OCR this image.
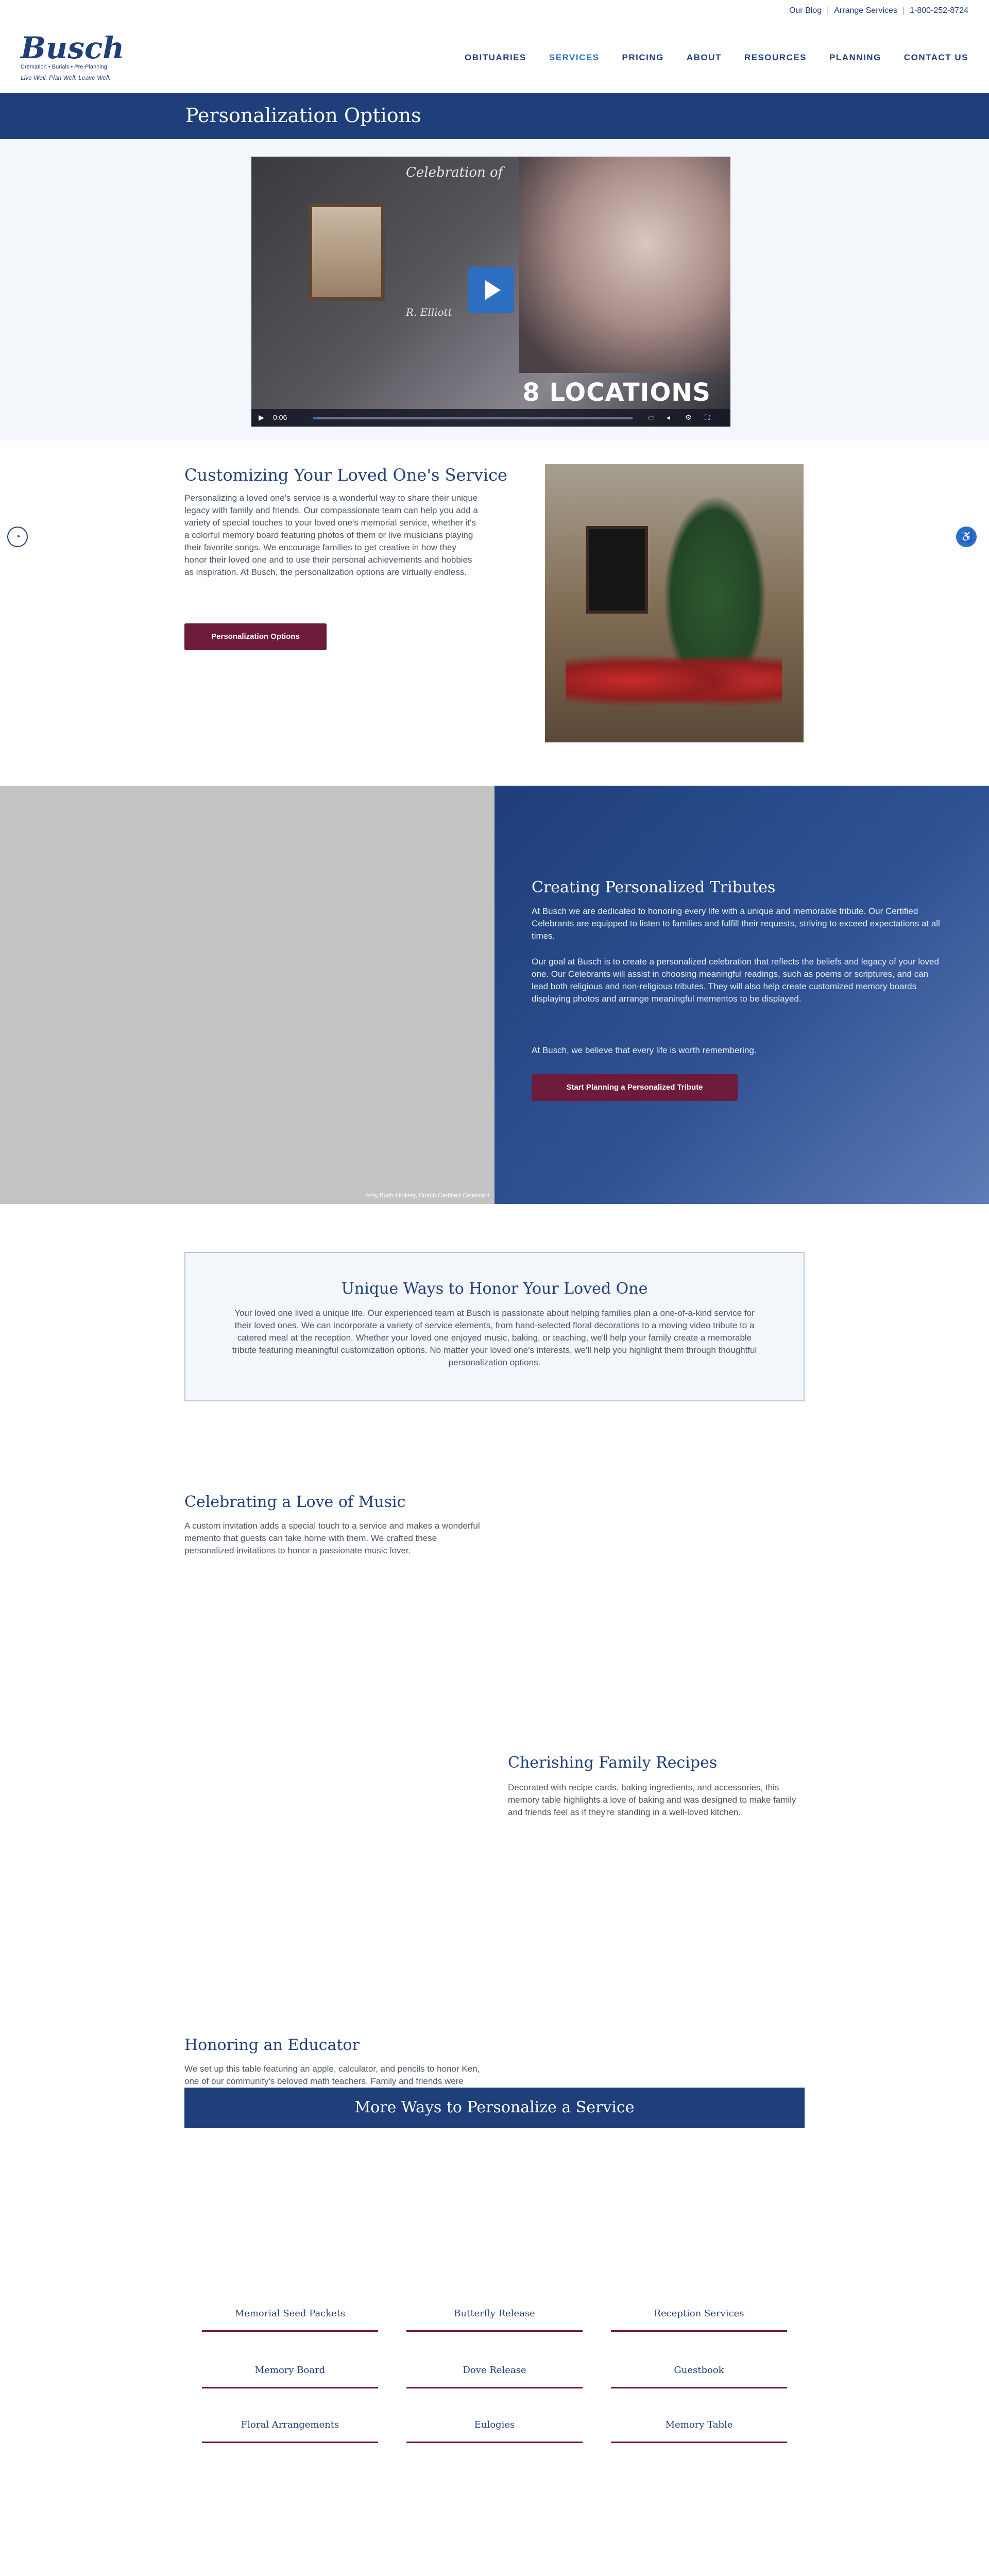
Our Blog | Arrange Services | 1-800-252-8724
Busch
Cremation • Burials • Pre-Planning
Live Well. Plan Well. Leave Well.
OBITUARIES	SERVICES	PRICING	ABOUT	RESOURCES	PLANNING	CONTACT US
Personalization Options
Celebration of
R. Elliott
8 LOCATIONS
▶ 0:06	▭ ◂ ⚙ ⛶
Customizing Your Loved One's Service

Personalizing a loved one's service is a wonderful way to share their unique legacy with family and friends. Our compassionate team can help you add a variety of special touches to your loved one's memorial service, whether it's a colorful memory board featuring photos of them or live musicians playing their favorite songs. We encourage families to get creative in how they honor their loved one and to use their personal achievements and hobbies as inspiration. At Busch, the personalization options are virtually endless.

Personalization Options
◔	♿
Amy Bush-Hinkley, Busch Certified Celebrant
Creating Personalized Tributes

At Busch we are dedicated to honoring every life with a unique and memorable tribute. Our Certified Celebrants are equipped to listen to families and fulfill their requests, striving to exceed expectations at all times.

Our goal at Busch is to create a personalized celebration that reflects the beliefs and legacy of your loved one. Our Celebrants will assist in choosing meaningful readings, such as poems or scriptures, and can lead both religious and non-religious tributes. They will also help create customized memory boards displaying photos and arrange meaningful mementos to be displayed.

At Busch, we believe that every life is worth remembering.

Start Planning a Personalized Tribute
Unique Ways to Honor Your Loved One

Your loved one lived a unique life. Our experienced team at Busch is passionate about helping families plan a one-of-a-kind service for their loved ones. We can incorporate a variety of service elements, from hand-selected floral decorations to a moving video tribute to a catered meal at the reception. Whether your loved one enjoyed music, baking, or teaching, we'll help your family create a memorable tribute featuring meaningful customization options. No matter your loved one's interests, we'll help you highlight them through thoughtful personalization options.

Celebrating a Love of Music

A custom invitation adds a special touch to a service and makes a wonderful memento that guests can take home with them. We crafted these personalized invitations to honor a passionate music lover.

Cherishing Family Recipes

Decorated with recipe cards, baking ingredients, and accessories, this memory table highlights a love of baking and was designed to make family and friends feel as if they're standing in a well-loved kitchen.

Honoring an Educator

We set up this table featuring an apple, calculator, and pencils to honor Ken, one of our community's beloved math teachers. Family and friends were

More Ways to Personalize a Service
Memorial Seed Packets	Butterfly Release	Reception Services
Memory Board	Dove Release	Guestbook
Floral Arrangements	Eulogies	Memory Table
